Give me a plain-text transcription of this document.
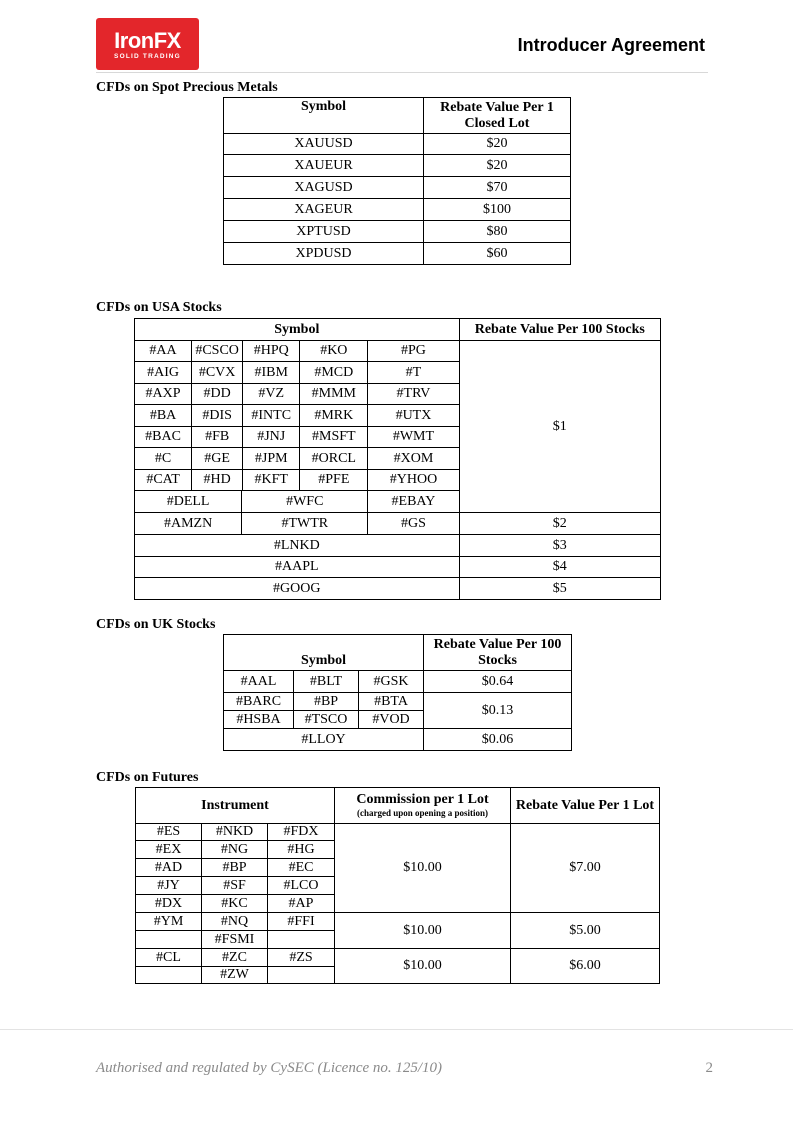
IronFX
SOLID TRADING
Introducer Agreement
CFDs on Spot Precious Metals
Symbol	Rebate Value Per 1 Closed Lot
XAUUSD	$20
XAUEUR	$20
XAGUSD	$70
XAGEUR	$100
XPTUSD	$80
XPDUSD	$60
CFDs on USA Stocks
Symbol					Rebate Value Per 100 Stocks
#AA	#CSCO	#HPQ	#KO	#PG	$1
#AIG	#CVX	#IBM	#MCD	#T	
#AXP	#DD	#VZ	#MMM	#TRV	
#BA	#DIS	#INTC	#MRK	#UTX	
#BAC	#FB	#JNJ	#MSFT	#WMT	
#C	#GE	#JPM	#ORCL	#XOM	
#CAT	#HD	#KFT	#PFE	#YHOO	
#DELL		#WFC		#EBAY	
#AMZN		#TWTR		#GS	$2
#LNKD					$3
#AAPL					$4
#GOOG					$5
CFDs on UK Stocks
Symbol			Rebate Value Per 100 Stocks
#AAL	#BLT	#GSK	$0.64
#BARC	#BP	#BTA	$0.13
#HSBA	#TSCO	#VOD	
#LLOY			$0.06
CFDs on Futures
Instrument			Commission per 1 Lot
(charged upon opening a position)	Rebate Value Per 1 Lot
#ES	#NKD	#FDX	$10.00	$7.00
#EX	#NG	#HG		
#AD	#BP	#EC		
#JY	#SF	#LCO		
#DX	#KC	#AP		
#YM	#NQ	#FFI	$10.00	$5.00
	#FSMI			
#CL	#ZC	#ZS	$10.00	$6.00
	#ZW			
Authorised and regulated by CySEC (Licence no. 125/10)	2
